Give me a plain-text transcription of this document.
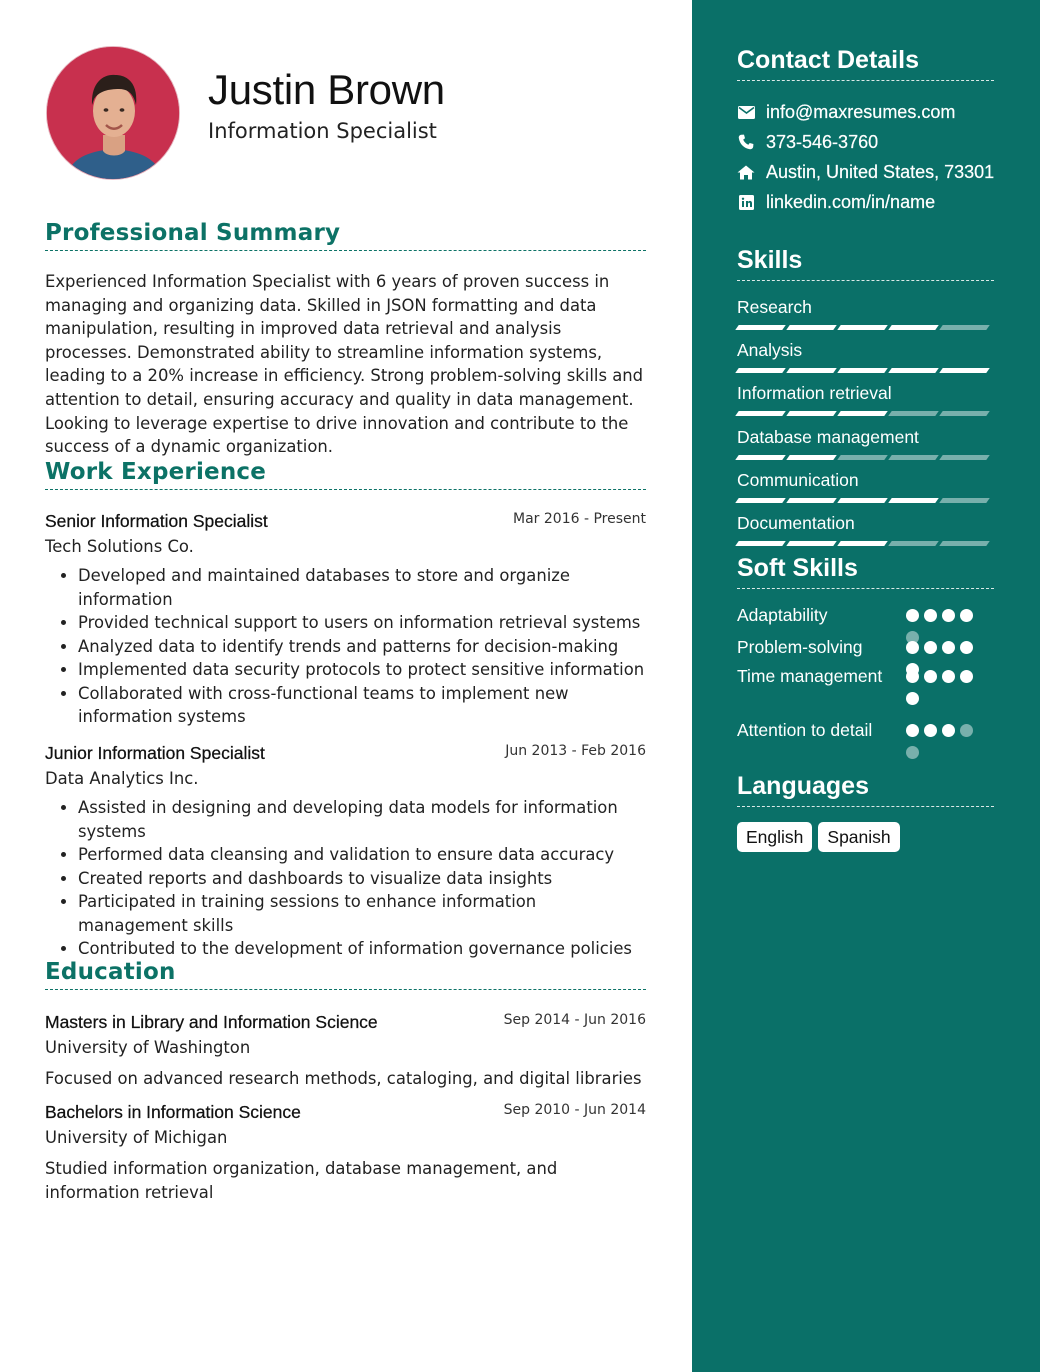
Justin Brown

Information Specialist

Professional Summary

Experienced Information Specialist with 6 years of proven success in managing and organizing data. Skilled in JSON formatting and data manipulation, resulting in improved data retrieval and analysis processes. Demonstrated ability to streamline information systems, leading to a 20% increase in efficiency. Strong problem-solving skills and attention to detail, ensuring accuracy and quality in data management. Looking to leverage expertise to drive innovation and contribute to the success of a dynamic organization.

Work Experience
Senior Information Specialist	Mar 2016 - Present
Tech Solutions Co.
• Developed and maintained databases to store and organize information
• Provided technical support to users on information retrieval systems
• Analyzed data to identify trends and patterns for decision-making
• Implemented data security protocols to protect sensitive information
• Collaborated with cross-functional teams to implement new information systems
Junior Information Specialist	Jun 2013 - Feb 2016
Data Analytics Inc.
• Assisted in designing and developing data models for information systems
• Performed data cleansing and validation to ensure data accuracy
• Created reports and dashboards to visualize data insights
• Participated in training sessions to enhance information management skills
• Contributed to the development of information governance policies
Education
Masters in Library and Information Science	Sep 2014 - Jun 2016
University of Washington
Focused on advanced research methods, cataloging, and digital libraries
Bachelors in Information Science	Sep 2010 - Jun 2014
University of Michigan
Studied information organization, database management, and information retrieval
Contact Details
info@maxresumes.com
373-546-3760
Austin, United States, 73301
linkedin.com/in/name
Skills
Research
Analysis
Information retrieval
Database management
Communication
Documentation
Soft Skills
Adaptability
Problem-solving
Time management
Attention to detail
Languages
English	Spanish
